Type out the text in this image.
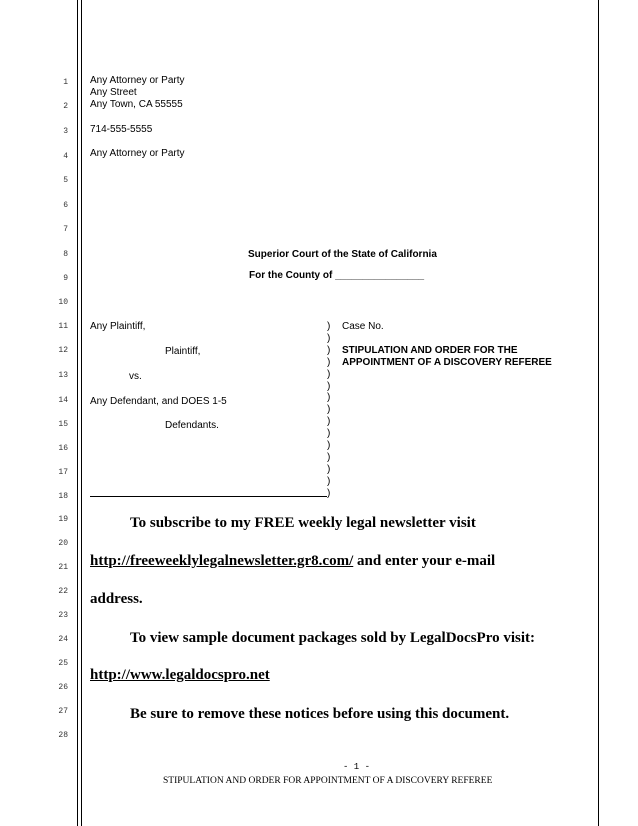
1
2
3
4
5
6
7
8
9
10
11
12
13
14
15
16
17
18
19
20
21
22
23
24
25
26
27
28
Any Attorney or Party
Any Street
Any Town, CA 55555
714-555-5555
Any Attorney or Party
Superior Court of the State of California
For the County of ________________
Any Plaintiff,
Plaintiff,
vs.
Any Defendant, and DOES 1-5
Defendants.
)
)
)
)
)
)
)
)
)
)
)
)
)
)
)
Case No.
STIPULATION AND ORDER FOR THE
APPOINTMENT OF A DISCOVERY REFEREE
To subscribe to my FREE weekly legal newsletter visit
http://freeweeklylegalnewsletter.gr8.com/ and enter your e-mail
address.
To view sample document packages sold by LegalDocsPro visit:
http://www.legaldocspro.net
Be sure to remove these notices before using this document.
- 1 -
STIPULATION AND ORDER FOR APPOINTMENT OF A DISCOVERY REFEREE
